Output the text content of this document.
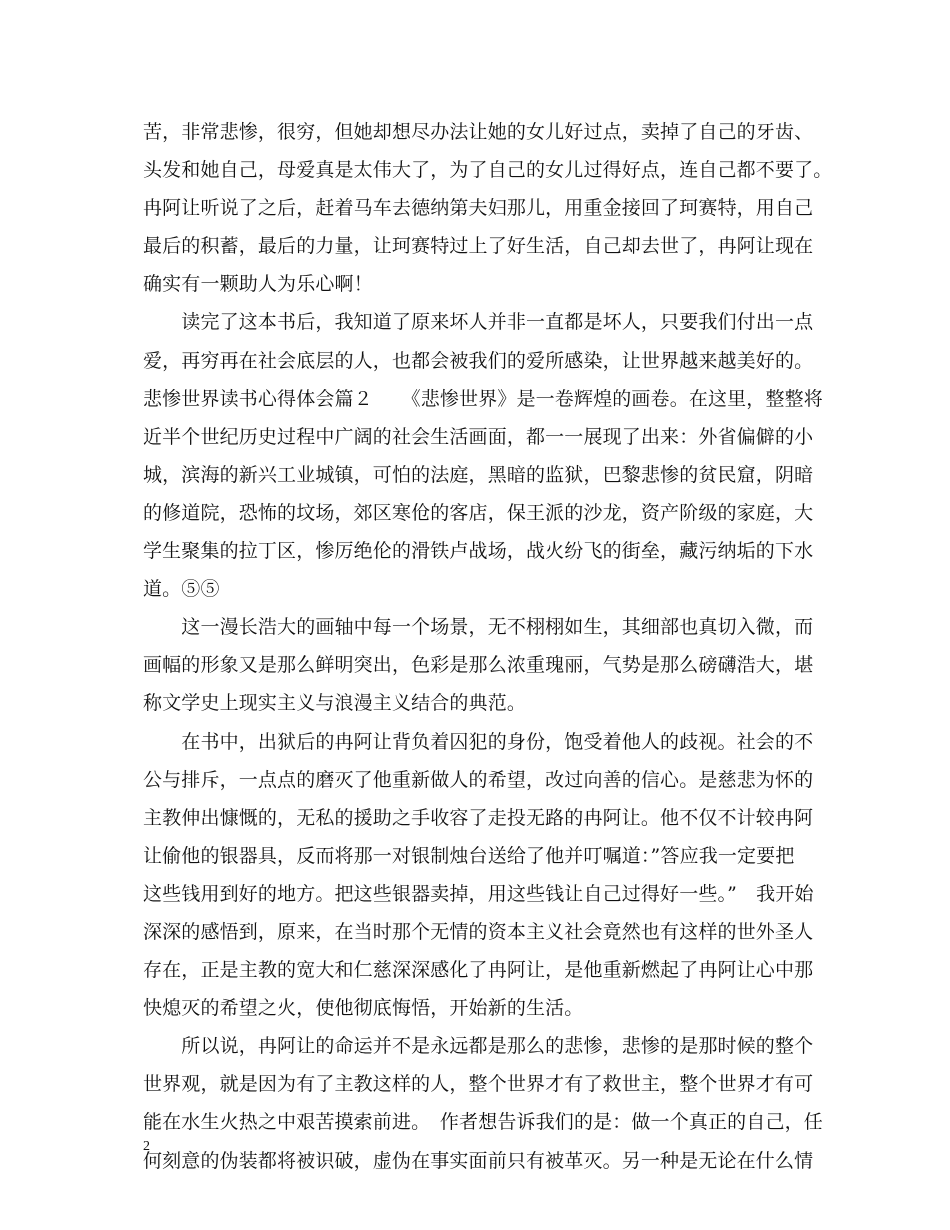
苦，非常悲惨，很穷，但她却想尽办法让她的女儿好过点，卖掉了自己的牙齿、
头发和她自己，母爱真是太伟大了，为了自己的女儿过得好点，连自己都不要了。
冉阿让听说了之后，赶着马车去德纳第夫妇那儿，用重金接回了珂赛特，用自己
最后的积蓄，最后的力量，让珂赛特过上了好生活，自己却去世了，冉阿让现在
确实有一颗助人为乐心啊！
　　读完了这本书后，我知道了原来坏人并非一直都是坏人，只要我们付出一点
爱，再穷再在社会底层的人，也都会被我们的爱所感染，让世界越来越美好的。
悲惨世界读书心得体会篇２　　《悲惨世界》是一卷辉煌的画卷。在这里，整整将
近半个世纪历史过程中广阔的社会生活画面，都一一展现了出来：外省偏僻的小
城，滨海的新兴工业城镇，可怕的法庭，黑暗的监狱，巴黎悲惨的贫民窟，阴暗
的修道院，恐怖的坟场，郊区寒伧的客店，保王派的沙龙，资产阶级的家庭，大
学生聚集的拉丁区，惨厉绝伦的滑铁卢战场，战火纷飞的街垒，藏污纳垢的下水
道。⑤⑤
　　这一漫长浩大的画轴中每一个场景，无不栩栩如生，其细部也真切入微，而
画幅的形象又是那么鲜明突出，色彩是那么浓重瑰丽，气势是那么磅礴浩大，堪
称文学史上现实主义与浪漫主义结合的典范。
　　在书中，出狱后的冉阿让背负着囚犯的身份，饱受着他人的歧视。社会的不
公与排斥，一点点的磨灭了他重新做人的希望，改过向善的信心。是慈悲为怀的
主教伸出慷慨的，无私的援助之手收容了走投无路的冉阿让。他不仅不计较冉阿
让偷他的银器具，反而将那一对银制烛台送给了他并叮嘱道：”答应我一定要把
这些钱用到好的地方。把这些银器卖掉，用这些钱让自己过得好一些。”　我开始
深深的感悟到，原来，在当时那个无情的资本主义社会竟然也有这样的世外圣人
存在，正是主教的宽大和仁慈深深感化了冉阿让，是他重新燃起了冉阿让心中那
快熄灭的希望之火，使他彻底悔悟，开始新的生活。
　　所以说，冉阿让的命运并不是永远都是那么的悲惨，悲惨的是那时候的整个
世界观，就是因为有了主教这样的人，整个世界才有了救世主，整个世界才有可
能在水生火热之中艰苦摸索前进。　作者想告诉我们的是：做一个真正的自己，任
何刻意的伪装都将被识破，虚伪在事实面前只有被革灭。另一种是无论在什么情
2
